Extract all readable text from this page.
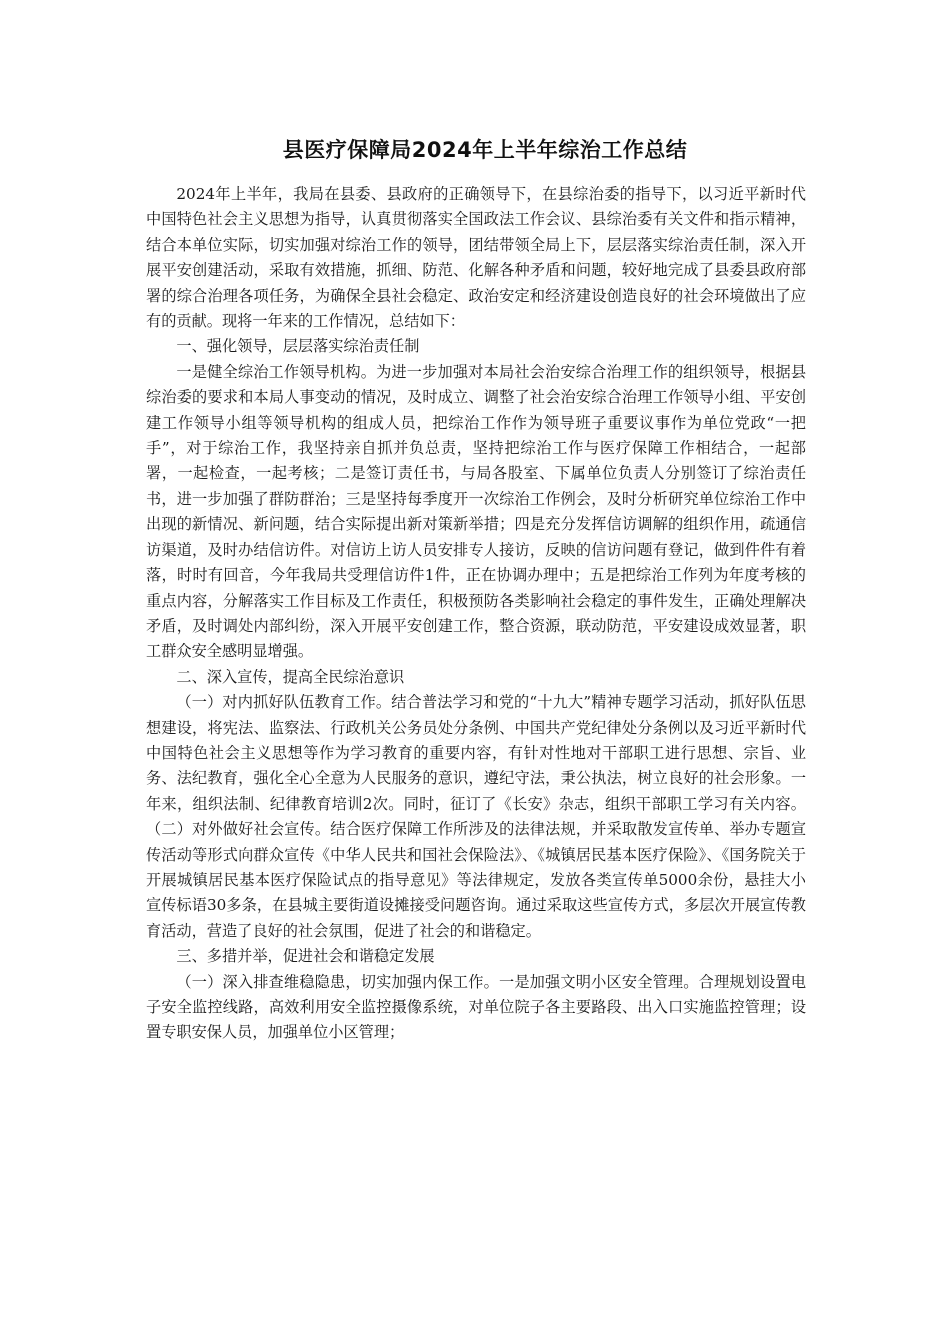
县医疗保障局2024年上半年综治工作总结

2024年上半年，我局在县委、县政府的正确领导下，在县综治委的指导下，以习近平新时代中国特色社会主义思想为指导，认真贯彻落实全国政法工作会议、县综治委有关文件和指示精神，结合本单位实际，切实加强对综治工作的领导，团结带领全局上下，层层落实综治责任制，深入开展平安创建活动，采取有效措施，抓细、防范、化解各种矛盾和问题，较好地完成了县委县政府部署的综合治理各项任务，为确保全县社会稳定、政治安定和经济建设创造良好的社会环境做出了应有的贡献。现将一年来的工作情况，总结如下：

一、强化领导，层层落实综治责任制

一是健全综治工作领导机构。为进一步加强对本局社会治安综合治理工作的组织领导，根据县综治委的要求和本局人事变动的情况，及时成立、调整了社会治安综合治理工作领导小组、平安创建工作领导小组等领导机构的组成人员，把综治工作作为领导班子重要议事作为单位党政“一把手”，对于综治工作，我坚持亲自抓并负总责，坚持把综治工作与医疗保障工作相结合，一起部署，一起检查，一起考核；二是签订责任书，与局各股室、下属单位负责人分别签订了综治责任书，进一步加强了群防群治；三是坚持每季度开一次综治工作例会，及时分析研究单位综治工作中出现的新情况、新问题，结合实际提出新对策新举措；四是充分发挥信访调解的组织作用，疏通信访渠道，及时办结信访件。对信访上访人员安排专人接访，反映的信访问题有登记，做到件件有着落，时时有回音，今年我局共受理信访件1件，正在协调办理中；五是把综治工作列为年度考核的重点内容，分解落实工作目标及工作责任，积极预防各类影响社会稳定的事件发生，正确处理解决矛盾，及时调处内部纠纷，深入开展平安创建工作，整合资源，联动防范，平安建设成效显著，职工群众安全感明显增强。

二、深入宣传，提高全民综治意识

（一）对内抓好队伍教育工作。结合普法学习和党的“十九大”精神专题学习活动，抓好队伍思想建设，将宪法、监察法、行政机关公务员处分条例、中国共产党纪律处分条例以及习近平新时代中国特色社会主义思想等作为学习教育的重要内容，有针对性地对干部职工进行思想、宗旨、业务、法纪教育，强化全心全意为人民服务的意识，遵纪守法，秉公执法，树立良好的社会形象。一年来，组织法制、纪律教育培训2次。同时，征订了《长安》杂志，组织干部职工学习有关内容。（二）对外做好社会宣传。结合医疗保障工作所涉及的法律法规，并采取散发宣传单、举办专题宣传活动等形式向群众宣传《中华人民共和国社会保险法》、《城镇居民基本医疗保险》、《国务院关于开展城镇居民基本医疗保险试点的指导意见》等法律规定，发放各类宣传单5000余份，悬挂大小宣传标语30多条，在县城主要街道设摊接受问题咨询。通过采取这些宣传方式，多层次开展宣传教育活动，营造了良好的社会氛围，促进了社会的和谐稳定。

三、多措并举，促进社会和谐稳定发展

（一）深入排查维稳隐患，切实加强内保工作。一是加强文明小区安全管理。合理规划设置电子安全监控线路，高效利用安全监控摄像系统，对单位院子各主要路段、出入口实施监控管理；设置专职安保人员，加强单位小区管理；
